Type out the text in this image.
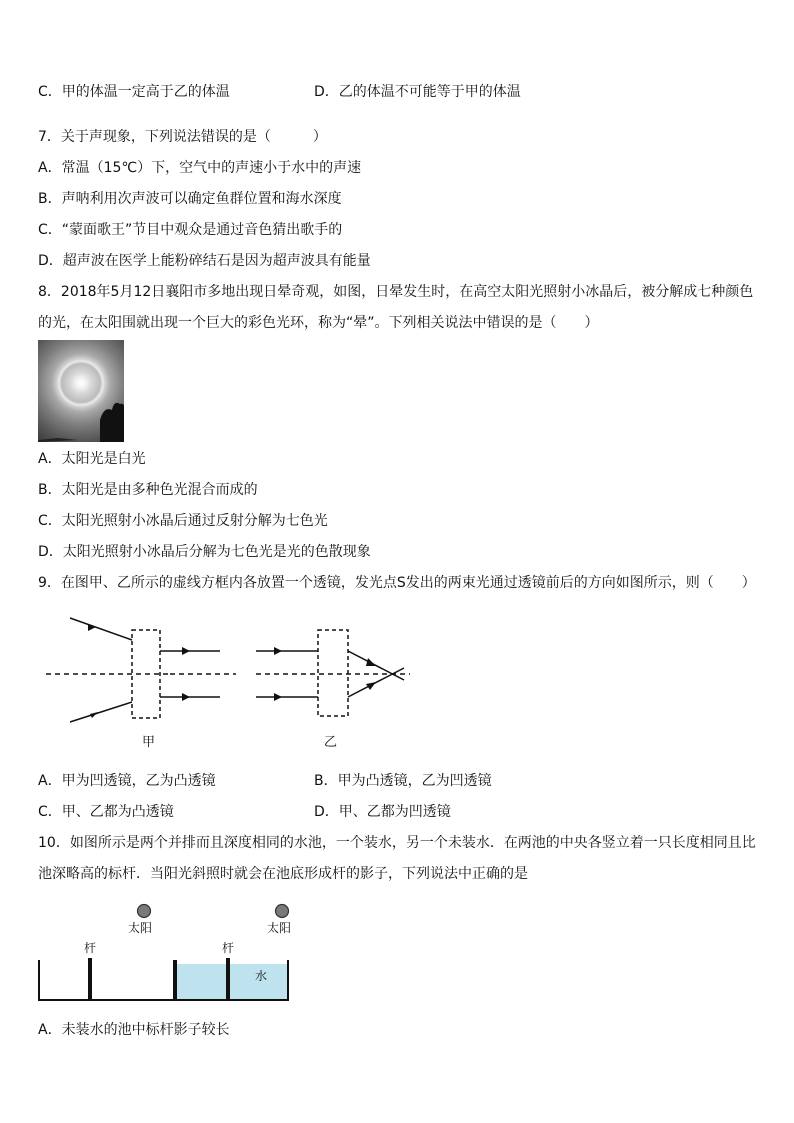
C．甲的体温一定高于乙的体温	D．乙的体温不可能等于甲的体温
7．关于声现象，下列说法错误的是（　　　）
A．常温（15℃）下，空气中的声速小于水中的声速
B．声呐利用次声波可以确定鱼群位置和海水深度
C．“蒙面歌王”节目中观众是通过音色猜出歌手的
D．超声波在医学上能粉碎结石是因为超声波具有能量
8．2018年5月12日襄阳市多地出现日晕奇观，如图，日晕发生时，在高空太阳光照射小冰晶后，被分解成七种颜色
的光，在太阳围就出现一个巨大的彩色光环，称为“晕”。下列相关说法中错误的是（　　）
A．太阳光是白光
B．太阳光是由多种色光混合而成的
C．太阳光照射小冰晶后通过反射分解为七色光
D．太阳光照射小冰晶后分解为七色光是光的色散现象
9．在图甲、乙所示的虚线方框内各放置一个透镜，发光点S发出的两束光通过透镜前后的方向如图所示，则（　　）
甲	乙
A．甲为凹透镜，乙为凸透镜	B．甲为凸透镜，乙为凹透镜
C．甲、乙都为凸透镜	D．甲、乙都为凹透镜
10．如图所示是两个并排而且深度相同的水池，一个装水，另一个未装水．在两池的中央各竖立着一只长度相同且比
池深略高的标杆．当阳光斜照时就会在池底形成杆的影子，下列说法中正确的是
太阳
杆
太阳
杆
水
A．未装水的池中标杆影子较长
